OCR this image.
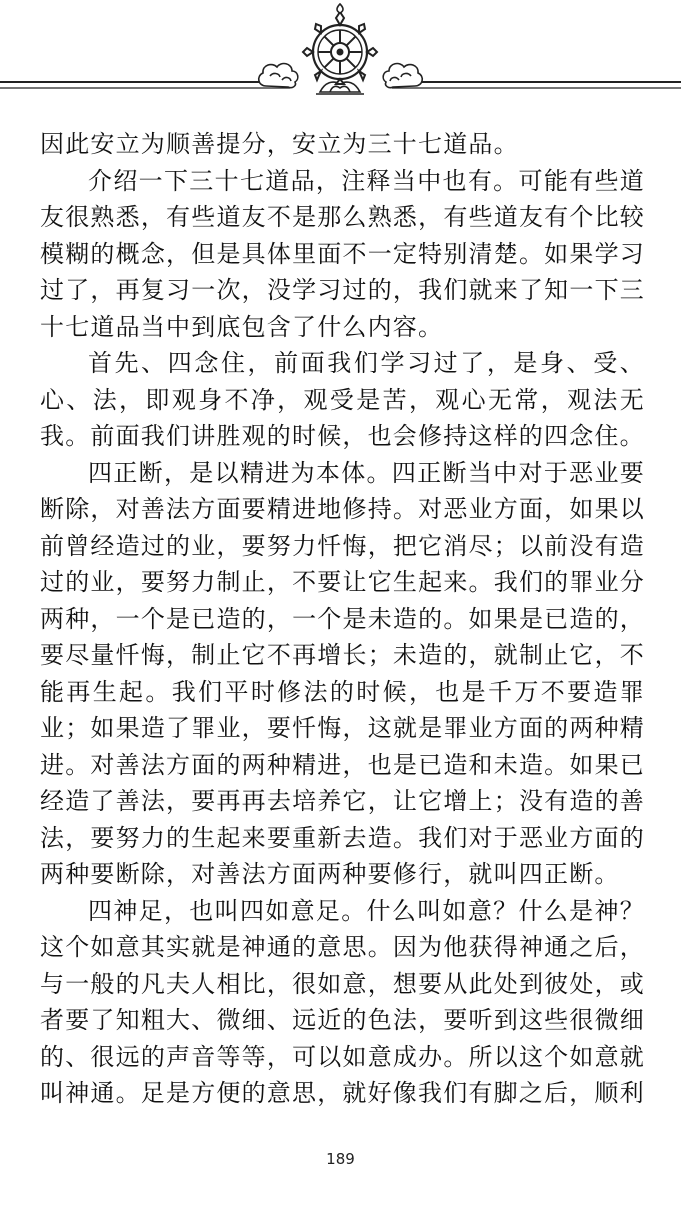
因此安立为顺善提分，安立为三十七道品。

介绍一下三十七道品，注释当中也有。可能有些道友很熟悉，有些道友不是那么熟悉，有些道友有个比较模糊的概念，但是具体里面不一定特别清楚。如果学习过了，再复习一次，没学习过的，我们就来了知一下三十七道品当中到底包含了什么内容。

首先、四念住，前面我们学习过了，是身、受、心、法，即观身不净，观受是苦，观心无常，观法无我。前面我们讲胜观的时候，也会修持这样的四念住。

四正断，是以精进为本体。四正断当中对于恶业要断除，对善法方面要精进地修持。对恶业方面，如果以前曾经造过的业，要努力忏悔，把它消尽；以前没有造过的业，要努力制止，不要让它生起来。我们的罪业分两种，一个是已造的，一个是未造的。如果是已造的，要尽量忏悔，制止它不再增长；未造的，就制止它，不能再生起。我们平时修法的时候，也是千万不要造罪业；如果造了罪业，要忏悔，这就是罪业方面的两种精进。对善法方面的两种精进，也是已造和未造。如果已经造了善法，要再再去培养它，让它增上；没有造的善法，要努力的生起来要重新去造。我们对于恶业方面的两种要断除，对善法方面两种要修行，就叫四正断。

四神足，也叫四如意足。什么叫如意？什么是神？这个如意其实就是神通的意思。因为他获得神通之后，与一般的凡夫人相比，很如意，想要从此处到彼处，或者要了知粗大、微细、远近的色法，要听到这些很微细的、很远的声音等等，可以如意成办。所以这个如意就叫神通。足是方便的意思，就好像我们有脚之后，顺利

189
